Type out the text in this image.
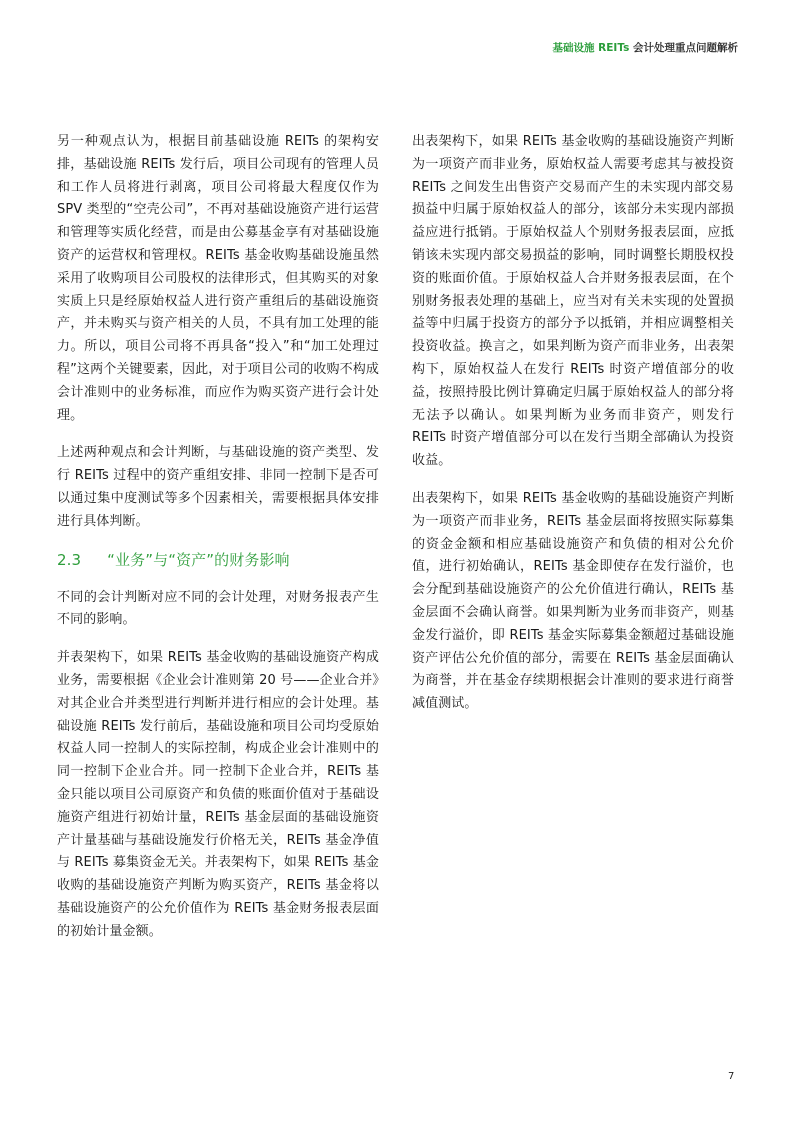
基础设施 REITs 会计处理重点问题解析

另一种观点认为，根据目前基础设施 REITs 的架构安排，基础设施 REITs 发行后，项目公司现有的管理人员和工作人员将进行剥离，项目公司将最大程度仅作为 SPV 类型的“空壳公司”，不再对基础设施资产进行运营和管理等实质化经营，而是由公募基金享有对基础设施资产的运营权和管理权。REITs 基金收购基础设施虽然采用了收购项目公司股权的法律形式，但其购买的对象实质上只是经原始权益人进行资产重组后的基础设施资产，并未购买与资产相关的人员，不具有加工处理的能力。所以，项目公司将不再具备“投入”和“加工处理过程”这两个关键要素，因此，对于项目公司的收购不构成会计准则中的业务标准，而应作为购买资产进行会计处理。

上述两种观点和会计判断，与基础设施的资产类型、发行 REITs 过程中的资产重组安排、非同一控制下是否可以通过集中度测试等多个因素相关，需要根据具体安排进行具体判断。

2.3 “业务”与“资产”的财务影响

不同的会计判断对应不同的会计处理，对财务报表产生不同的影响。

并表架构下，如果 REITs 基金收购的基础设施资产构成业务，需要根据《企业会计准则第 20 号——企业合并》对其企业合并类型进行判断并进行相应的会计处理。基础设施 REITs 发行前后，基础设施和项目公司均受原始权益人同一控制人的实际控制，构成企业会计准则中的同一控制下企业合并。同一控制下企业合并，REITs 基金只能以项目公司原资产和负债的账面价值对于基础设施资产组进行初始计量，REITs 基金层面的基础设施资产计量基础与基础设施发行价格无关，REITs 基金净值与 REITs 募集资金无关。并表架构下，如果 REITs 基金收购的基础设施资产判断为购买资产，REITs 基金将以基础设施资产的公允价值作为 REITs 基金财务报表层面的初始计量金额。

出表架构下，如果 REITs 基金收购的基础设施资产判断为一项资产而非业务，原始权益人需要考虑其与被投资 REITs 之间发生出售资产交易而产生的未实现内部交易损益中归属于原始权益人的部分，该部分未实现内部损益应进行抵销。于原始权益人个别财务报表层面，应抵销该未实现内部交易损益的影响，同时调整长期股权投资的账面价值。于原始权益人合并财务报表层面，在个别财务报表处理的基础上，应当对有关未实现的处置损益等中归属于投资方的部分予以抵销，并相应调整相关投资收益。换言之，如果判断为资产而非业务，出表架构下，原始权益人在发行 REITs 时资产增值部分的收益，按照持股比例计算确定归属于原始权益人的部分将无法予以确认。如果判断为业务而非资产，则发行 REITs 时资产增值部分可以在发行当期全部确认为投资收益。

出表架构下，如果 REITs 基金收购的基础设施资产判断为一项资产而非业务，REITs 基金层面将按照实际募集的资金金额和相应基础设施资产和负债的相对公允价值，进行初始确认，REITs 基金即使存在发行溢价，也会分配到基础设施资产的公允价值进行确认，REITs 基金层面不会确认商誉。如果判断为业务而非资产，则基金发行溢价，即 REITs 基金实际募集金额超过基础设施资产评估公允价值的部分，需要在 REITs 基金层面确认为商誉，并在基金存续期根据会计准则的要求进行商誉减值测试。

7
